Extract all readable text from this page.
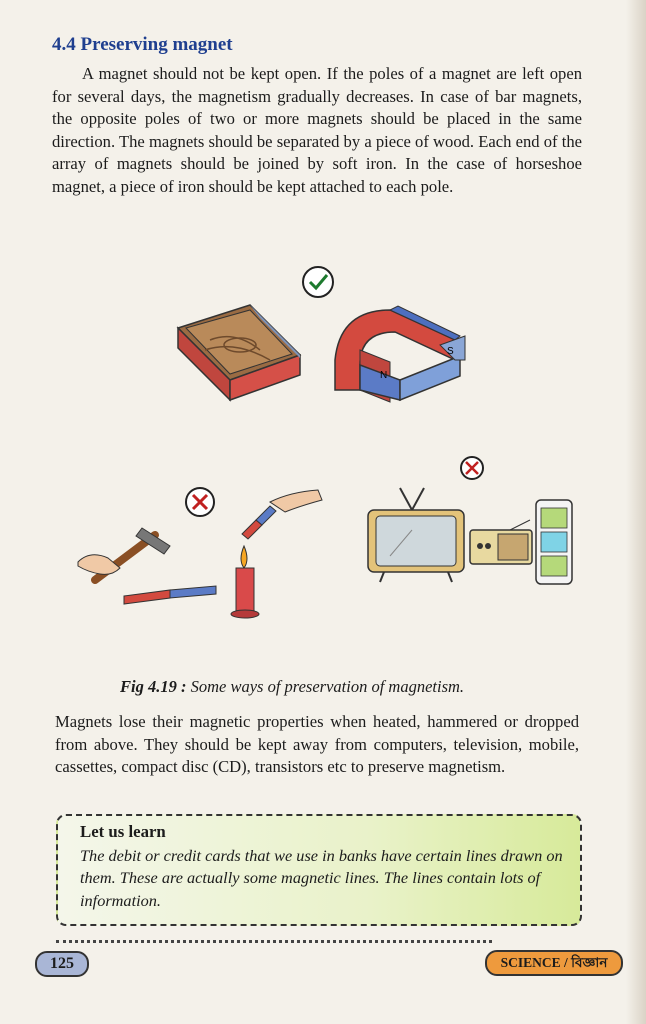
4.4 Preserving magnet

A magnet should not be kept open. If the poles of a magnet are left open for several days, the magnetism gradually decreases. In case of bar magnets, the opposite poles of two or more magnets should be placed in the same direction. The magnets should be separated by a piece of wood. Each end of the array of magnets should be joined by soft iron. In the case of horseshoe magnet, a piece of iron should be kept attached to each pole.

S
N
Fig 4.19 : Some ways of preservation of magnetism.
Magnets lose their magnetic properties when heated, hammered or dropped from above. They should be kept away from computers, television, mobile, cassettes, compact disc (CD), transistors etc to preserve magnetism.
Let us learn
The debit or credit cards that we use in banks have certain lines drawn on them. These are actually some magnetic lines. The lines contain lots of information.
125	SCIENCE / বিজ্ঞান
